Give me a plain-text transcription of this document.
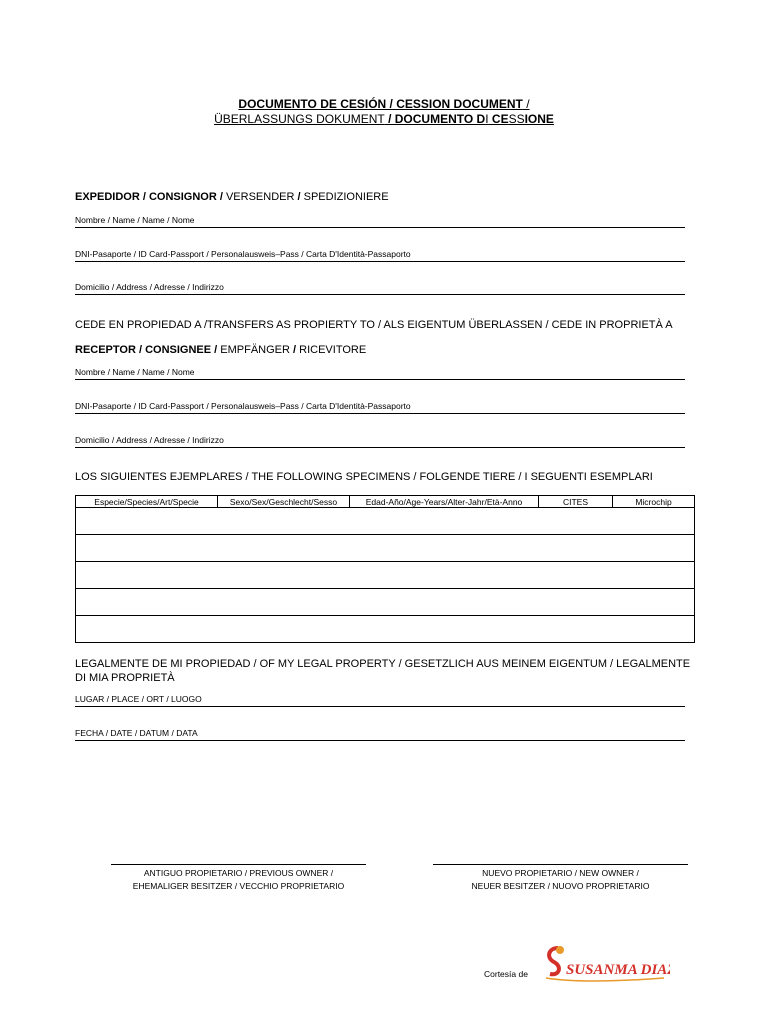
DOCUMENTO DE CESIÓN / CESSION DOCUMENT /
ÜBERLASSUNGS DOKUMENT / DOCUMENTO DI CESSIONE
EXPEDIDOR / CONSIGNOR / VERSENDER / SPEDIZIONIERE
Nombre / Name / Name / Nome
DNI-Pasaporte / ID Card-Passport / Personalausweis–Pass / Carta D'Identità-Passaporto
Domicilio / Address / Adresse / Indirizzo
CEDE EN PROPIEDAD A /TRANSFERS AS PROPIERTY TO / ALS EIGENTUM ÜBERLASSEN / CEDE IN PROPRIETÀ A
RECEPTOR / CONSIGNEE / EMPFÄNGER / RICEVITORE
Nombre / Name / Name / Nome
DNI-Pasaporte / ID Card-Passport / Personalausweis–Pass / Carta D'Identità-Passaporto
Domicilio / Address / Adresse / Indirizzo
LOS SIGUIENTES EJEMPLARES / THE FOLLOWING SPECIMENS / FOLGENDE TIERE / I SEGUENTI ESEMPLARI
Especie/Species/Art/Specie	Sexo/Sex/Geschlecht/Sesso	Edad-Año/Age-Years/Alter-Jahr/Età-Anno	CITES	Microchip

LEGALMENTE DE MI PROPIEDAD / OF MY LEGAL PROPERTY / GESETZLICH AUS MEINEM EIGENTUM / LEGALMENTE DI MIA PROPRIETÀ
LUGAR / PLACE / ORT / LUOGO
FECHA / DATE / DATUM / DATA
ANTIGUO PROPIETARIO / PREVIOUS OWNER /
EHEMALIGER BESITZER / VECCHIO PROPRIETARIO
NUEVO PROPIETARIO / NEW OWNER /
NEUER BESITZER / NUOVO PROPRIETARIO
Cortesía de	SUSANMA DIAZ
